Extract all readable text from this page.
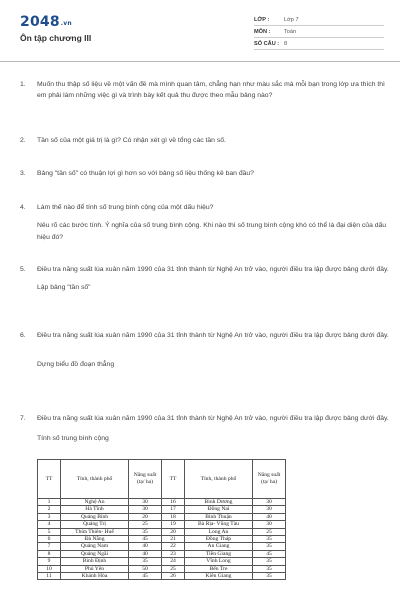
2048.vn
Ôn tập chương III
LỚP :	Lớp 7
MÔN :	Toán
SỐ CÂU : 8
1.	Muốn thu thập số liệu về một vấn đề mà mình quan tâm, chẳng hạn như màu sắc mà mỗi bạn trong lớp ưa thích thì em phải làm những việc gì và trình bày kết quả thu được theo mẫu bảng nào?
2.	Tần số của một giá trị là gì? Có nhận xét gì về tổng các tần số.
3.	Bảng "tần số" có thuận lợi gì hơn so với bảng số liệu thống kê ban đầu?
4.	Làm thế nào để tính số trung bình cộng của một dấu hiệu?
Nêu rõ các bước tính. Ý nghĩa của số trung bình cộng. Khi nào thì số trung bình cộng khó có thể là đại diện của dấu hiệu đó?
5.	Điều tra năng suất lúa xuân năm 1990 của 31 tỉnh thành từ Nghệ An trở vào, người điều tra lập được bảng dưới đây.
Lập bảng "tần số"
6.	Điều tra năng suất lúa xuân năm 1990 của 31 tỉnh thành từ Nghệ An trở vào, người điều tra lập được bảng dưới đây.
Dựng biểu đồ đoạn thẳng
7.	Điều tra năng suất lúa xuân năm 1990 của 31 tỉnh thành từ Nghệ An trở vào, người điều tra lập được bảng dưới đây.
Tính số trung bình cộng
TT	Tỉnh, thành phố	Năng suất (tạ/ ha)	TT	Tỉnh, thành phố	Năng suất (tạ/ ha)
1	Nghệ An	30	16	Bình Dương	30
2	Hà Tĩnh	30	17	Đồng Nai	30
3	Quảng Bình	20	18	Bình Thuận	40
4	Quảng Trị	25	19	Bà Rịa- Vũng Tàu	30
5	Thừa Thiên- Huế	35	20	Long An	25
6	Đà Nẵng	45	21	Đồng Tháp	35
7	Quảng Nam	40	22	An Giang	35
8	Quảng Ngãi	40	23	Tiền Giang	45
9	Bình Định	35	24	Vĩnh Long	35
10	Phú Yên	50	25	Bến Tre	35
11	Khánh Hòa	45	26	Kiên Giang	35
